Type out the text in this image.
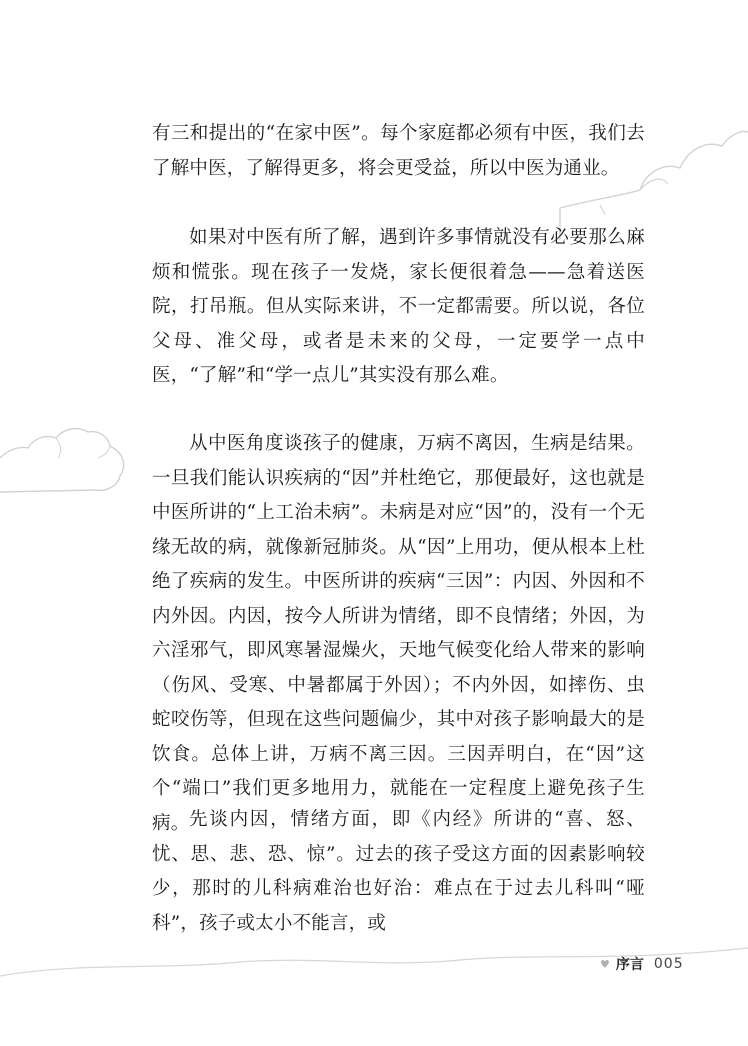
有三和提出的“在家中医”。每个家庭都必须有中医，我们去了解中医，了解得更多，将会更受益，所以中医为通业。

如果对中医有所了解，遇到许多事情就没有必要那么麻烦和慌张。现在孩子一发烧，家长便很着急——急着送医院，打吊瓶。但从实际来讲，不一定都需要。所以说，各位父母、准父母，或者是未来的父母，一定要学一点中医，“了解”和“学一点儿”其实没有那么难。

从中医角度谈孩子的健康，万病不离因，生病是结果。一旦我们能认识疾病的“因”并杜绝它，那便最好，这也就是中医所讲的“上工治未病”。未病是对应“因”的，没有一个无缘无故的病，就像新冠肺炎。从“因”上用功，便从根本上杜绝了疾病的发生。中医所讲的疾病“三因”：内因、外因和不内外因。内因，按今人所讲为情绪，即不良情绪；外因，为六淫邪气，即风寒暑湿燥火，天地气候变化给人带来的影响（伤风、受寒、中暑都属于外因）；不内外因，如摔伤、虫蛇咬伤等，但现在这些问题偏少，其中对孩子影响最大的是饮食。总体上讲，万病不离三因。三因弄明白，在“因”这个“端口”我们更多地用力，就能在一定程度上避免孩子生病。 先谈内因，情绪方面，即《内经》所讲的“喜、怒、忧、思、悲、恐、惊”。过去的孩子受这方面的因素影响较少，那时的儿科病难治也好治：难点在于过去儿科叫“哑科”，孩子或太小不能言，或

♥ 序言 005
